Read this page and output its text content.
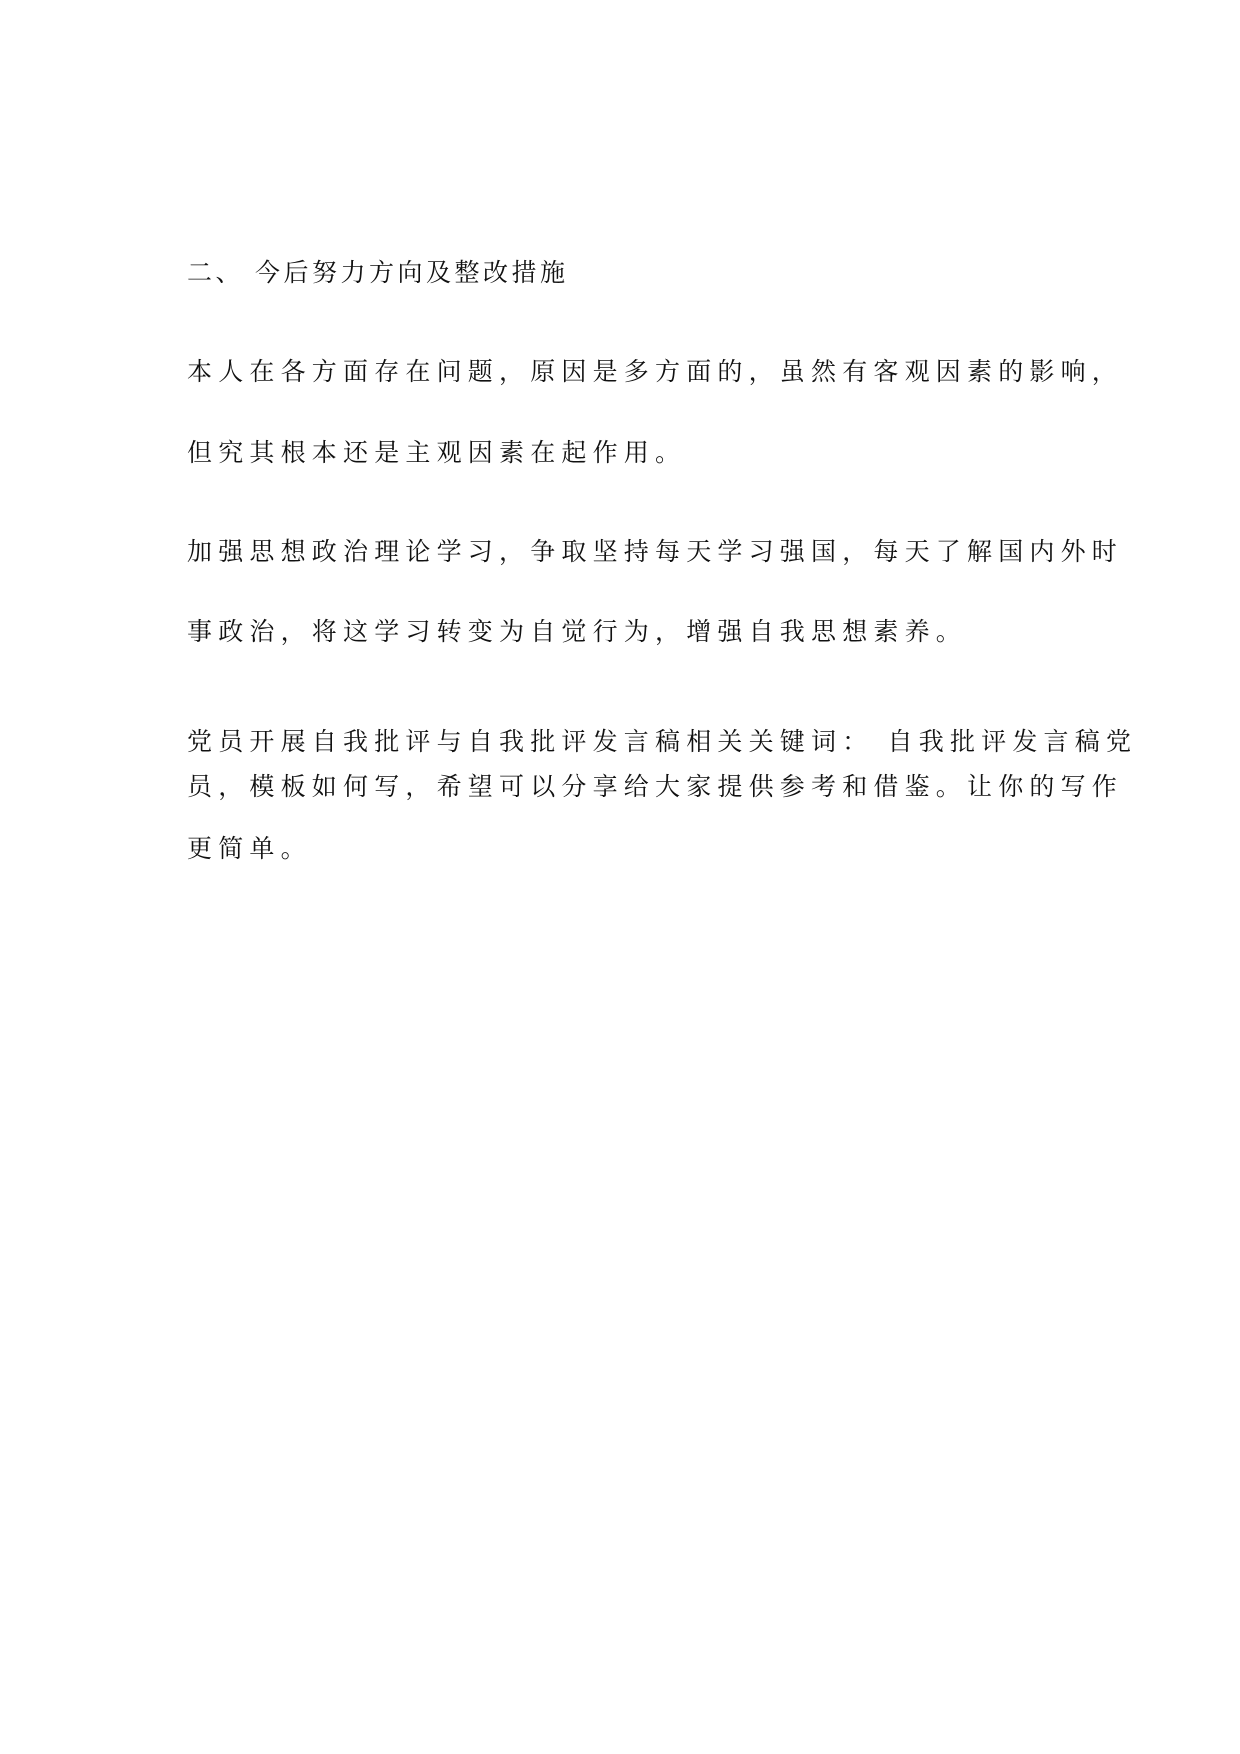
二、 今后努力方向及整改措施

本人在各方面存在问题，原因是多方面的，虽然有客观因素的影响，

但究其根本还是主观因素在起作用。

加强思想政治理论学习，争取坚持每天学习强国，每天了解国内外时

事政治，将这学习转变为自觉行为，增强自我思想素养。

党员开展自我批评与自我批评发言稿相关关键词： 自我批评发言稿党

员，模板如何写，希望可以分享给大家提供参考和借鉴。让你的写作

更简单。
